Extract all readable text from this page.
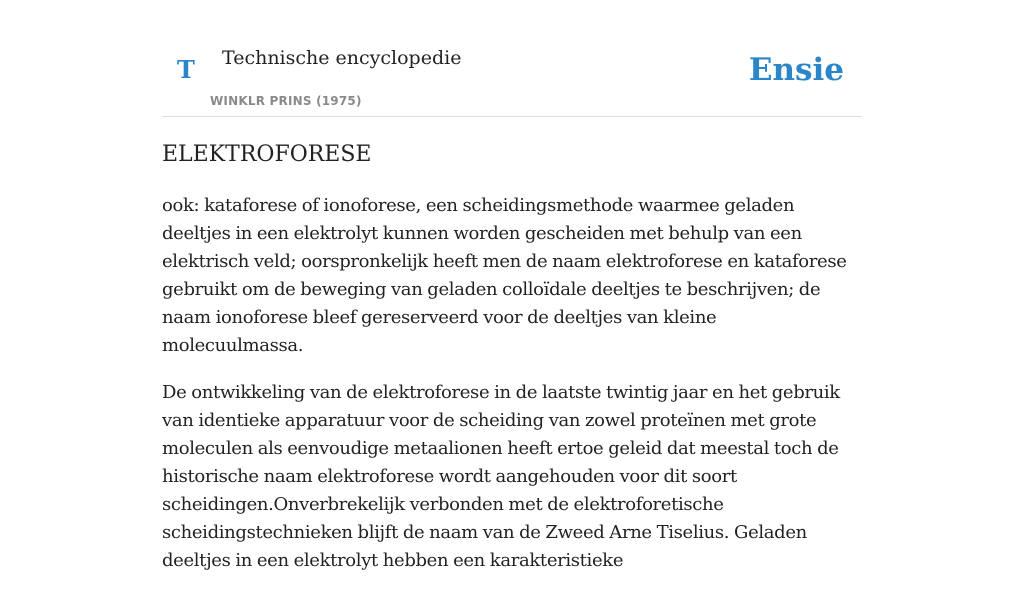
T Technische encyclopedie
WINKLR PRINS (1975)
Ensie
ELEKTROFORESE

ook: kataforese of ionoforese, een scheidingsmethode waarmee geladen deeltjes in een elektrolyt kunnen worden gescheiden met behulp van een elektrisch veld; oorspronkelijk heeft men de naam elektroforese en kataforese gebruikt om de beweging van geladen colloïdale deeltjes te beschrijven; de naam ionoforese bleef gereserveerd voor de deeltjes van kleine molecuulmassa.

De ontwikkeling van de elektroforese in de laatste twintig jaar en het gebruik van identieke apparatuur voor de scheiding van zowel proteïnen met grote moleculen als eenvoudige metaalionen heeft ertoe geleid dat meestal toch de historische naam elektroforese wordt aangehouden voor dit soort scheidingen.Onverbrekelijk verbonden met de elektroforetische scheidingstechnieken blijft de naam van de Zweed Arne Tiselius. Geladen deeltjes in een elektrolyt hebben een karakteristieke
